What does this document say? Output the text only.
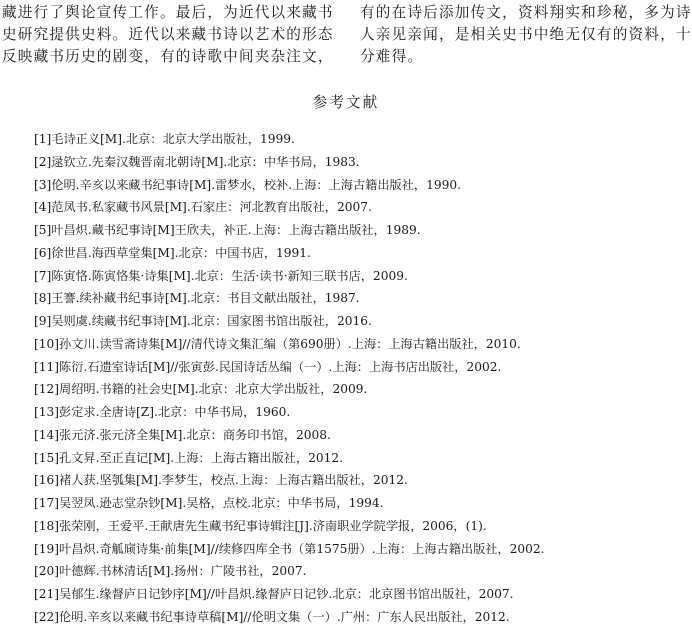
藏进行了舆论宣传工作。最后，为近代以来藏书
史研究提供史料。近代以来藏书诗以艺术的形态
反映藏书历史的剧变，有的诗歌中间夹杂注文，
有的在诗后添加传文，资料翔实和珍秘，多为诗
人亲见亲闻，是相关史书中绝无仅有的资料，十
分难得。
参考文献
[1]毛诗正义[M].北京：北京大学出版社，1999.
[2]逯钦立.先秦汉魏晋南北朝诗[M].北京：中华书局，1983.
[3]伦明.辛亥以来藏书纪事诗[M].雷梦水，校补.上海：上海古籍出版社，1990.
[4]范凤书.私家藏书风景[M].石家庄：河北教育出版社，2007.
[5]叶昌炽.藏书纪事诗[M]王欣夫，补正.上海：上海古籍出版社，1989.
[6]徐世昌.海西草堂集[M].北京：中国书店，1991.
[7]陈寅恪.陈寅恪集·诗集[M].北京：生活·读书·新知三联书店，2009.
[8]王謇.续补藏书纪事诗[M].北京：书目文献出版社，1987.
[9]吴则虞.续藏书纪事诗[M].北京：国家图书馆出版社，2016.
[10]孙文川.读雪斋诗集[M]//清代诗文集汇编（第690册）.上海：上海古籍出版社，2010.
[11]陈衍.石遗室诗话[M]//张寅彭.民国诗话丛编（一）.上海：上海书店出版社，2002.
[12]周绍明.书籍的社会史[M].北京：北京大学出版社，2009.
[13]彭定求.全唐诗[Z].北京：中华书局，1960.
[14]张元济.张元济全集[M].北京：商务印书馆，2008.
[15]孔文昇.至正直记[M].上海：上海古籍出版社，2012.
[16]褚人获.坚瓠集[M].李梦生，校点.上海：上海古籍出版社，2012.
[17]吴翌凤.逊志堂杂钞[M].吴格，点校.北京：中华书局，1994.
[18]张荣刚，王爱平.王献唐先生藏书纪事诗辑注[J].济南职业学院学报，2006，(1).
[19]叶昌炽.奇觚庼诗集·前集[M]//续修四库全书（第1575册）.上海：上海古籍出版社，2002.
[20]叶德辉.书林清话[M].扬州：广陵书社，2007.
[21]吴郁生.缘督庐日记钞序[M]//叶昌炽.缘督庐日记钞.北京：北京图书馆出版社，2007.
[22]伦明.辛亥以来藏书纪事诗草稿[M]//伦明文集（一）.广州：广东人民出版社，2012.
